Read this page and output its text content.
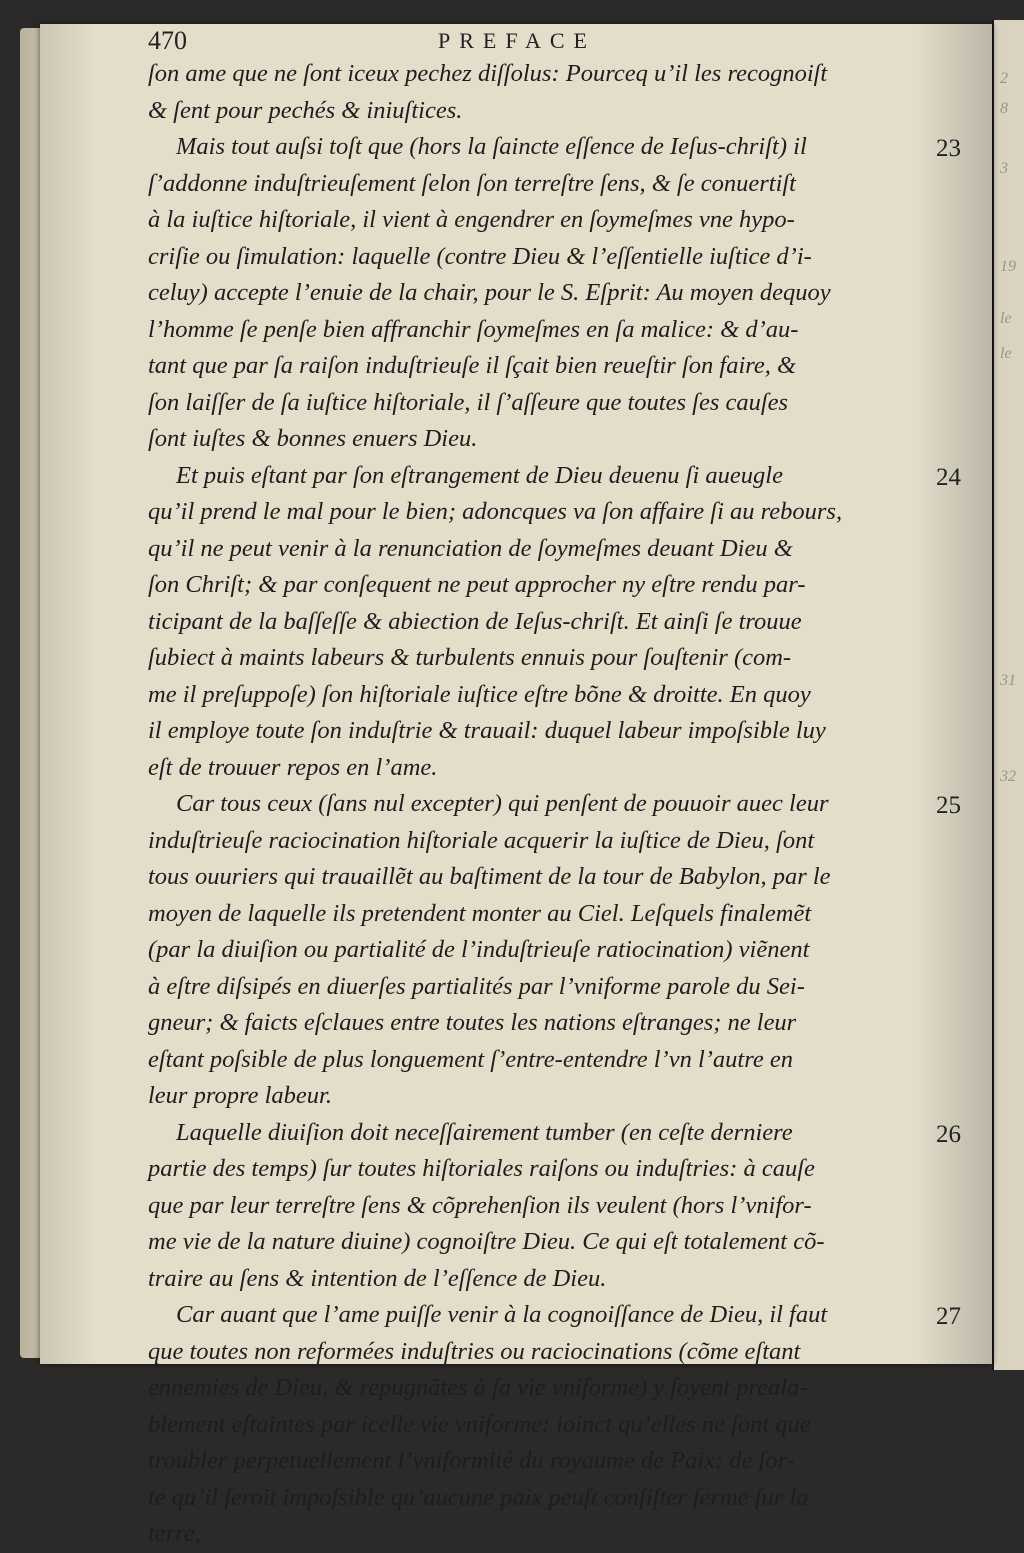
2
8
3
19
le
le
31
32
470	PREFACE
ſon ame que ne ſont iceux pechez diſſolus: Pourceq u’il les recognoiſt
& ſent pour pechés & iniuſtices.
Mais tout auſsi toſt que (hors la ſaincte eſſence de Ieſus-chriſt) il
ſ’addonne induſtrieuſement ſelon ſon terreſtre ſens, & ſe conuertiſt
à la iuſtice hiſtoriale, il vient à engendrer en ſoymeſmes vne hypo-
criſie ou ſimulation: laquelle (contre Dieu & l’eſſentielle iuſtice d’i-
celuy) accepte l’enuie de la chair, pour le S. Eſprit: Au moyen dequoy
l’homme ſe penſe bien affranchir ſoymeſmes en ſa malice: & d’au-
tant que par ſa raiſon induſtrieuſe il ſçait bien reueſtir ſon faire, &
ſon laiſſer de ſa iuſtice hiſtoriale, il ſ’aſſeure que toutes ſes cauſes
ſont iuſtes & bonnes enuers Dieu.
Et puis eſtant par ſon eſtrangement de Dieu deuenu ſi aueugle
qu’il prend le mal pour le bien; adoncques va ſon affaire ſi au rebours,
qu’il ne peut venir à la renunciation de ſoymeſmes deuant Dieu &
ſon Chriſt; & par conſequent ne peut approcher ny eſtre rendu par-
ticipant de la baſſeſſe & abiection de Ieſus-chriſt. Et ainſi ſe trouue
ſubiect à maints labeurs & turbulents ennuis pour ſouſtenir (com-
me il preſuppoſe) ſon hiſtoriale iuſtice eſtre bõne & droitte. En quoy
il employe toute ſon induſtrie & trauail: duquel labeur impoſsible luy
eſt de trouuer repos en l’ame.
Car tous ceux (ſans nul excepter) qui penſent de pouuoir auec leur
induſtrieuſe raciocination hiſtoriale acquerir la iuſtice de Dieu, ſont
tous ouuriers qui trauaillẽt au baſtiment de la tour de Babylon, par le
moyen de laquelle ils pretendent monter au Ciel. Leſquels finalemẽt
(par la diuiſion ou partialité de l’induſtrieuſe ratiocination) viẽnent
à eſtre diſsipés en diuerſes partialités par l’vniforme parole du Sei-
gneur; & faicts eſclaues entre toutes les nations eſtranges; ne leur
eſtant poſsible de plus longuement ſ’entre-entendre l’vn l’autre en
leur propre labeur.
Laquelle diuiſion doit neceſſairement tumber (en ceſte derniere
partie des temps) ſur toutes hiſtoriales raiſons ou induſtries: à cauſe
que par leur terreſtre ſens & cõprehenſion ils veulent (hors l’vnifor-
me vie de la nature diuine) cognoiſtre Dieu. Ce qui eſt totalement cõ-
traire au ſens & intention de l’eſſence de Dieu.
Car auant que l’ame puiſſe venir à la cognoiſſance de Dieu, il faut
que toutes non reformées induſtries ou raciocinations (cõme eſtant
ennemies de Dieu, & repugnãtes à ſa vie vniforme) y ſoyent preala-
blement eſtaintes par icelle vie vniforme: ioinct qu’elles ne ſont que
troubler perpetuellement l’vniformité du royaume de Paix: de ſor-
te qu’il ſeroit impoſsible qu’aucune paix peuſt conſiſter ferme ſur la
terre,
23
24
25
26
27
